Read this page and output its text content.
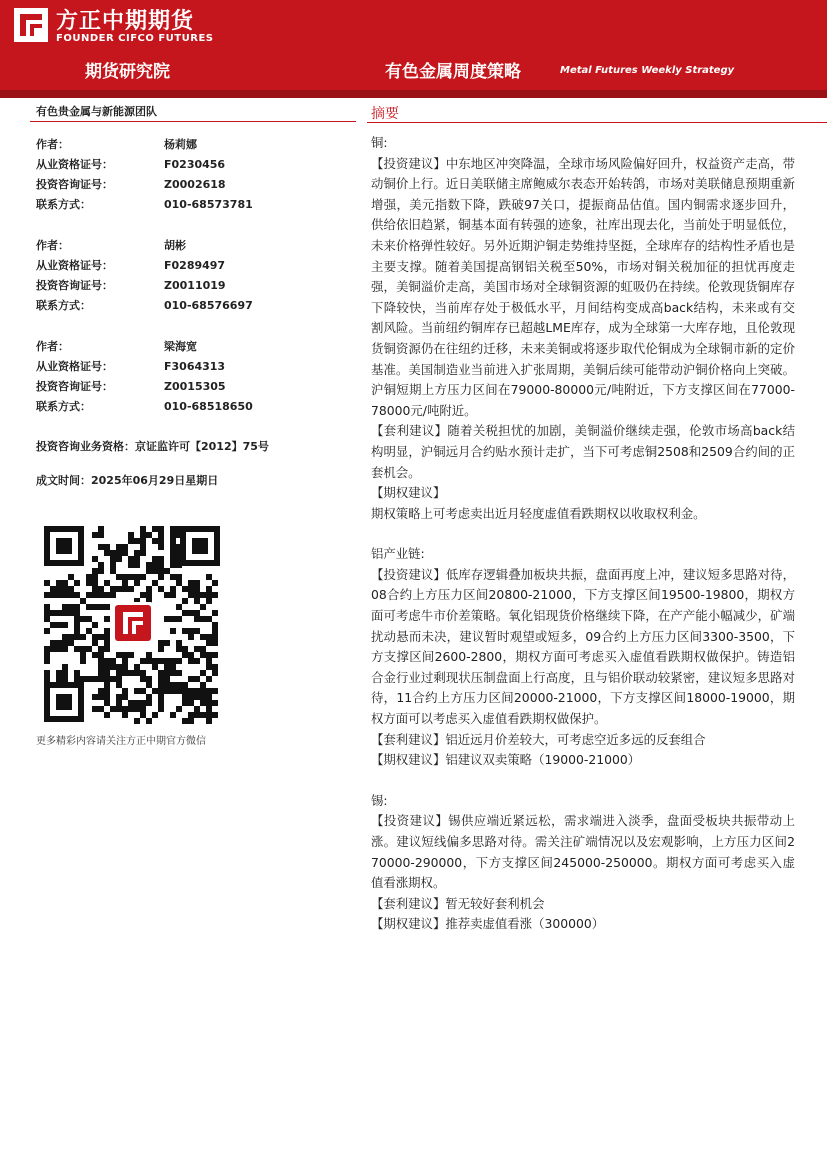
方正中期期货
FOUNDER CIFCO FUTURES
期货研究院	有色金属周度策略	Metal Futures Weekly Strategy
有色贵金属与新能源团队
作者：	杨莉娜
从业资格证号：	F0230456
投资咨询证号：	Z0002618
联系方式：	010-68573781
作者：	胡彬
从业资格证号：	F0289497
投资咨询证号：	Z0011019
联系方式：	010-68576697
作者：	梁海宽
从业资格证号：	F3064313
投资咨询证号：	Z0015305
联系方式：	010-68518650
投资咨询业务资格：京证监许可【2012】75号
成文时间：2025年06月29日星期日
更多精彩内容请关注方正中期官方微信
摘要

铜:

【投资建议】中东地区冲突降温，全球市场风险偏好回升，权益资产走高，带动铜价上行。近日美联储主席鲍威尔表态开始转鸽，市场对美联储息预期重新增强，美元指数下降，跌破97关口，提振商品估值。国内铜需求逐步回升，供给依旧趋紧，铜基本面有转强的迹象，社库出现去化，当前处于明显低位，未来价格弹性较好。另外近期沪铜走势维持坚挺，全球库存的结构性矛盾也是主要支撑。随着美国提高钢铝关税至50%，市场对铜关税加征的担忧再度走强，美铜溢价走高，美国市场对全球铜资源的虹吸仍在持续。伦敦现货铜库存下降较快，当前库存处于极低水平，月间结构变成高back结构，未来或有交割风险。当前纽约铜库存已超越LME库存，成为全球第一大库存地，且伦敦现货铜资源仍在往纽约迁移，未来美铜或将逐步取代伦铜成为全球铜市新的定价基准。美国制造业当前进入扩张周期，美铜后续可能带动沪铜价格向上突破。沪铜短期上方压力区间在79000-80000元/吨附近，下方支撑区间在77000-78000元/吨附近。

【套利建议】随着关税担忧的加剧，美铜溢价继续走强，伦敦市场高back结构明显，沪铜远月合约贴水预计走扩，当下可考虑铜2508和2509合约间的正套机会。

【期权建议】

期权策略上可考虑卖出近月轻度虚值看跌期权以收取权利金。

铝产业链:

【投资建议】低库存逻辑叠加板块共振，盘面再度上冲，建议短多思路对待，08合约上方压力区间20800-21000，下方支撑区间19500-19800，期权方面可考虑牛市价差策略。氧化铝现货价格继续下降，在产产能小幅减少，矿端扰动悬而未决，建议暂时观望或短多，09合约上方压力区间3300-3500，下方支撑区间2600-2800，期权方面可考虑买入虚值看跌期权做保护。铸造铝合金行业过剩现状压制盘面上行高度，且与铝价联动较紧密，建议短多思路对待，11合约上方压力区间20000-21000，下方支撑区间18000-19000，期权方面可以考虑买入虚值看跌期权做保护。

【套利建议】铝近远月价差较大，可考虑空近多远的反套组合

【期权建议】铝建议双卖策略（19000-21000）

锡:

【投资建议】锡供应端近紧远松，需求端进入淡季，盘面受板块共振带动上涨。建议短线偏多思路对待。需关注矿端情况以及宏观影响，上方压力区间270000-290000，下方支撑区间245000-250000。期权方面可考虑买入虚值看涨期权。

【套利建议】暂无较好套利机会

【期权建议】推荐卖虚值看涨（300000）
